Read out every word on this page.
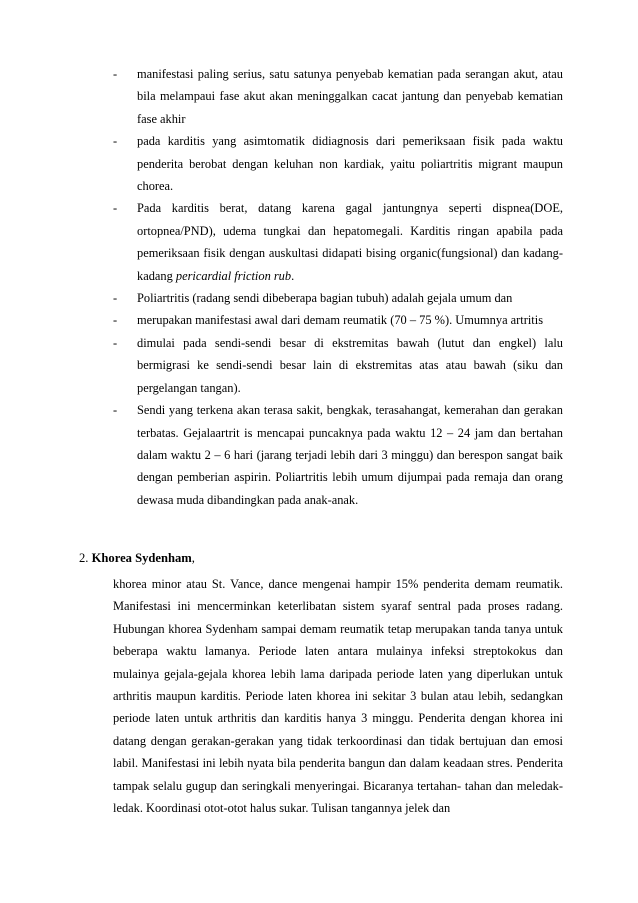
-	manifestasi paling serius, satu satunya penyebab kematian pada serangan akut, atau bila melampaui fase akut akan meninggalkan cacat jantung dan penyebab kematian fase akhir
-	pada karditis yang asimtomatik didiagnosis dari pemeriksaan fisik pada waktu penderita berobat dengan keluhan non kardiak, yaitu poliartritis migrant maupun chorea.
-	Pada karditis berat, datang karena gagal jantungnya seperti dispnea(DOE, ortopnea/PND), udema tungkai dan hepatomegali. Karditis ringan apabila pada pemeriksaan fisik dengan auskultasi didapati bising organic(fungsional) dan kadang-kadang pericardial friction rub.
-	Poliartritis (radang sendi dibeberapa bagian tubuh) adalah gejala umum dan
-	merupakan manifestasi awal dari demam reumatik (70 – 75 %). Umumnya artritis
-	dimulai pada sendi-sendi besar di ekstremitas bawah (lutut dan engkel) lalu bermigrasi ke sendi-sendi besar lain di ekstremitas atas atau bawah (siku dan pergelangan tangan).
-	Sendi yang terkena akan terasa sakit, bengkak, terasahangat, kemerahan dan gerakan terbatas. Gejalaartrit is mencapai puncaknya pada waktu 12 – 24 jam dan bertahan dalam waktu 2 – 6 hari (jarang terjadi lebih dari 3 minggu) dan berespon sangat baik dengan pemberian aspirin. Poliartritis lebih umum dijumpai pada remaja dan orang dewasa muda dibandingkan pada anak-anak.
2. Khorea Sydenham,
khorea minor atau St. Vance, dance mengenai hampir 15% penderita demam reumatik. Manifestasi ini mencerminkan keterlibatan sistem syaraf sentral pada proses radang. Hubungan khorea Sydenham sampai demam reumatik tetap merupakan tanda tanya untuk beberapa waktu lamanya. Periode laten antara mulainya infeksi streptokokus dan mulainya gejala-gejala khorea lebih lama daripada periode laten yang diperlukan untuk arthritis maupun karditis. Periode laten khorea ini sekitar 3 bulan atau lebih, sedangkan periode laten untuk arthritis dan karditis hanya 3 minggu. Penderita dengan khorea ini datang dengan gerakan-gerakan yang tidak terkoordinasi dan tidak bertujuan dan emosi labil. Manifestasi ini lebih nyata bila penderita bangun dan dalam keadaan stres. Penderita tampak selalu gugup dan seringkali menyeringai. Bicaranya tertahan- tahan dan meledak-ledak. Koordinasi otot-otot halus sukar. Tulisan tangannya jelek dan
